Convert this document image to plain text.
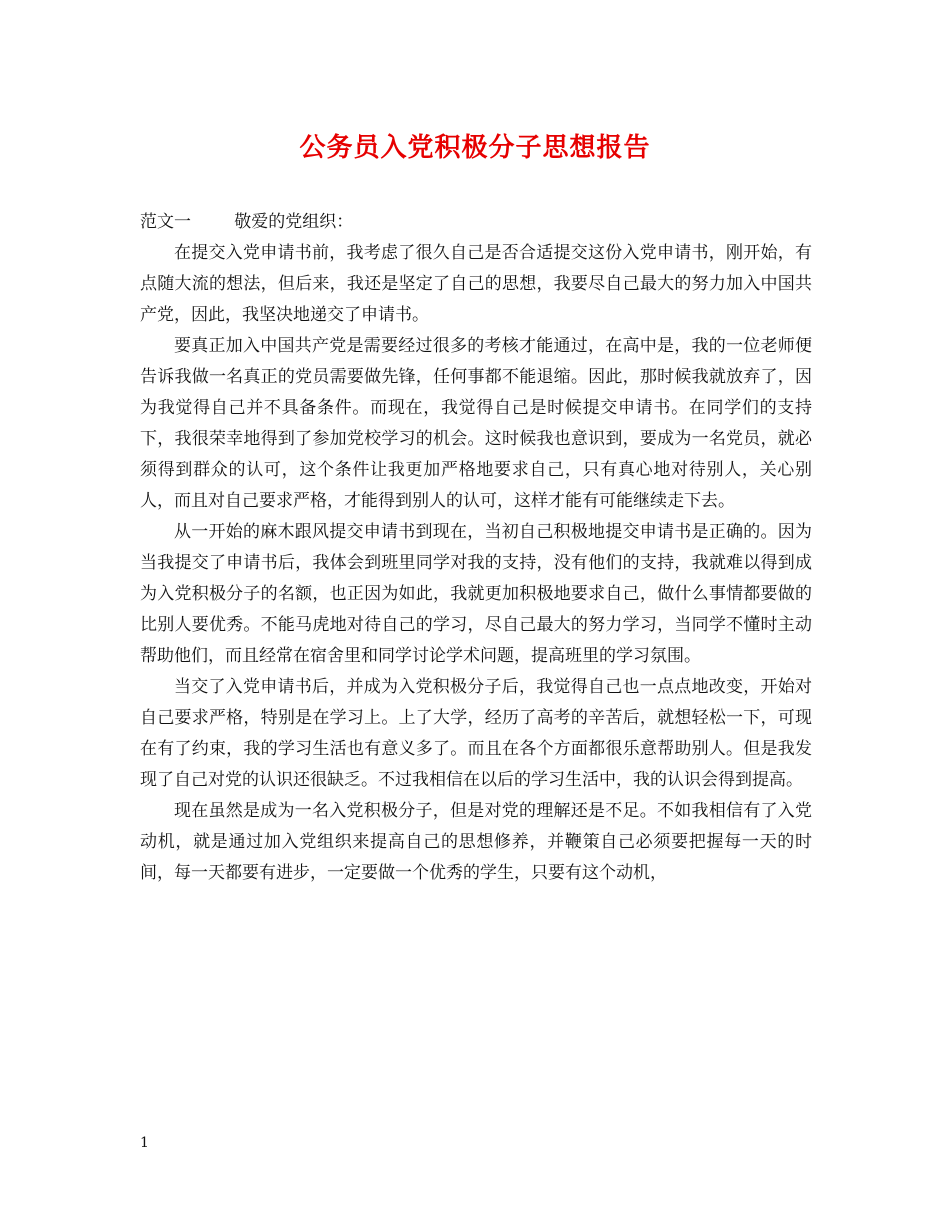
公务员入党积极分子思想报告

范文一	敬爱的党组织：

在提交入党申请书前，我考虑了很久自己是否合适提交这份入党申请书，刚开始，有点随大流的想法，但后来，我还是坚定了自己的思想，我要尽自己最大的努力加入中国共产党，因此，我坚决地递交了申请书。

要真正加入中国共产党是需要经过很多的考核才能通过，在高中是，我的一位老师便告诉我做一名真正的党员需要做先锋，任何事都不能退缩。因此，那时候我就放弃了，因为我觉得自己并不具备条件。而现在，我觉得自己是时候提交申请书。在同学们的支持下，我很荣幸地得到了参加党校学习的机会。这时候我也意识到，要成为一名党员，就必须得到群众的认可，这个条件让我更加严格地要求自己，只有真心地对待别人，关心别人，而且对自己要求严格，才能得到别人的认可，这样才能有可能继续走下去。

从一开始的麻木跟风提交申请书到现在，当初自己积极地提交申请书是正确的。因为当我提交了申请书后，我体会到班里同学对我的支持，没有他们的支持，我就难以得到成为入党积极分子的名额，也正因为如此，我就更加积极地要求自己，做什么事情都要做的比别人要优秀。不能马虎地对待自己的学习，尽自己最大的努力学习，当同学不懂时主动帮助他们，而且经常在宿舍里和同学讨论学术问题，提高班里的学习氛围。

当交了入党申请书后，并成为入党积极分子后，我觉得自己也一点点地改变，开始对自己要求严格，特别是在学习上。上了大学，经历了高考的辛苦后，就想轻松一下，可现在有了约束，我的学习生活也有意义多了。而且在各个方面都很乐意帮助别人。但是我发现了自己对党的认识还很缺乏。不过我相信在以后的学习生活中，我的认识会得到提高。

现在虽然是成为一名入党积极分子，但是对党的理解还是不足。不如我相信有了入党动机，就是通过加入党组织来提高自己的思想修养，并鞭策自己必须要把握每一天的时间，每一天都要有进步，一定要做一个优秀的学生，只要有这个动机，

1
